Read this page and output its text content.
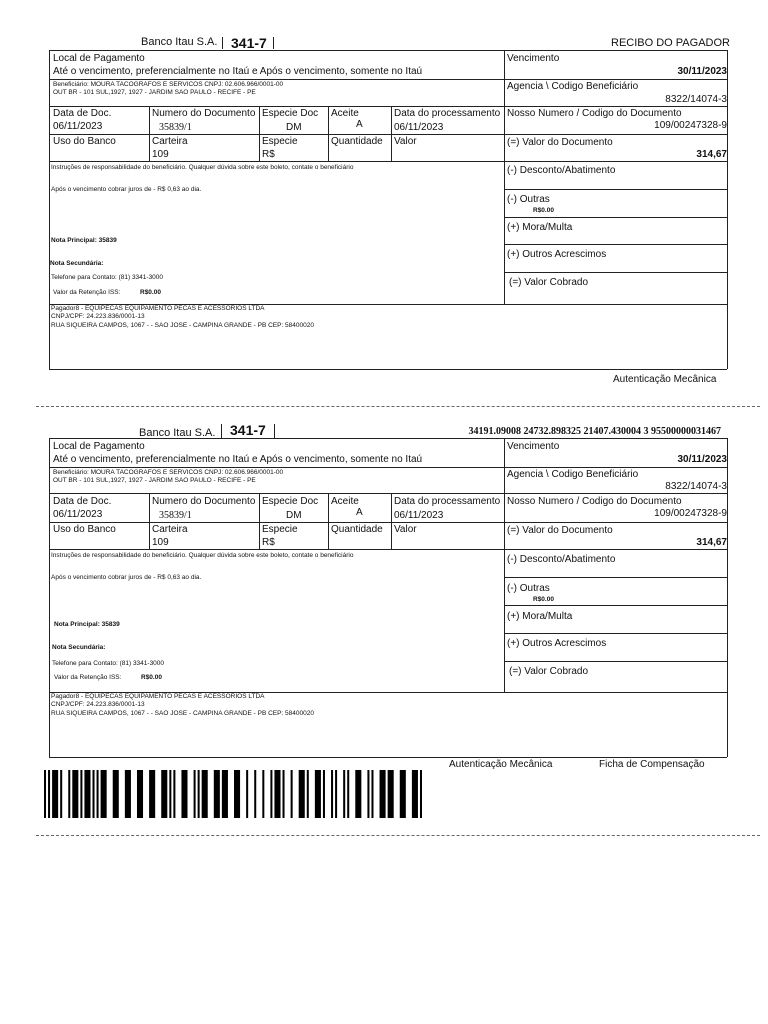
Banco Itau S.A. 341-7	RECIBO DO PAGADOR
Local de Pagamento
Até o vencimento, preferencialmente no Itaú e Após o vencimento, somente no Itaú
Beneficiário: MOURA TACOGRAFOS E SERVICOS CNPJ: 02.606.966/0001-00
OUT BR - 101 SUL,1927, 1927 - JARDIM SAO PAULO - RECIFE - PE
Vencimento
30/11/2023
Agencia \ Codigo Beneficiário
8322/14074-3
Data de Doc.
06/11/2023
Numero do Documento
35839/1
Especie Doc
DM
Aceite
A
Data do processamento
06/11/2023
Nosso Numero / Codigo do Documento
109/00247328-9
Uso do Banco	Carteira
109
Especie
R$
Quantidade Valor	(=) Valor do Documento
314,67
Instruções de responsabilidade do beneficiário. Qualquer dúvida sobre este boleto, contate o beneficiário
Após o vencimento cobrar juros de - R$ 0,63 ao dia.
Nota Principal: 35839
Nota Secundária:
Telefone para Contato: (81) 3341-3000
Valor da Retenção ISS:	R$0.00
(-) Desconto/Abatimento
(-) Outras
R$0.00
(+) Mora/Multa
(+) Outros Acrescimos
(=) Valor Cobrado
Pagador8 - EQUIPECAS EQUIPAMENTO PECAS E ACESSORIOS LTDA
CNPJ/CPF: 24.223.836/0001-13
RUA SIQUEIRA CAMPOS, 1067 - - SAO JOSE - CAMPINA GRANDE - PB CEP: 58400020
Autenticação Mecânica
Banco Itau S.A. 341-7	34191.09008 24732.898325 21407.430004 3 95500000031467
Local de Pagamento
Até o vencimento, preferencialmente no Itaú e Após o vencimento, somente no Itaú
Beneficiário: MOURA TACOGRAFOS E SERVICOS CNPJ: 02.606.966/0001-00
OUT BR - 101 SUL,1927, 1927 - JARDIM SAO PAULO - RECIFE - PE
Vencimento
30/11/2023
Agencia \ Codigo Beneficiário
8322/14074-3
Data de Doc.
06/11/2023
Numero do Documento
35839/1
Especie Doc
DM
Aceite
A
Data do processamento
06/11/2023
Nosso Numero / Codigo do Documento
109/00247328-9
Uso do Banco	Carteira
109
Especie
R$
Quantidade Valor	(=) Valor do Documento
314,67
Instruções de responsabilidade do beneficiário. Qualquer dúvida sobre este boleto, contate o beneficiário
Após o vencimento cobrar juros de - R$ 0,63 ao dia.
Nota Principal: 35839
Nota Secundária:
Telefone para Contato: (81) 3341-3000
Valor da Retenção ISS:	R$0.00
(-) Desconto/Abatimento
(-) Outras
R$0.00
(+) Mora/Multa
(+) Outros Acrescimos
(=) Valor Cobrado
Pagador8 - EQUIPECAS EQUIPAMENTO PECAS E ACESSORIOS LTDA
CNPJ/CPF: 24.223.836/0001-13
RUA SIQUEIRA CAMPOS, 1067 - - SAO JOSE - CAMPINA GRANDE - PB CEP: 58400020
Autenticação Mecânica	Ficha de Compensação
